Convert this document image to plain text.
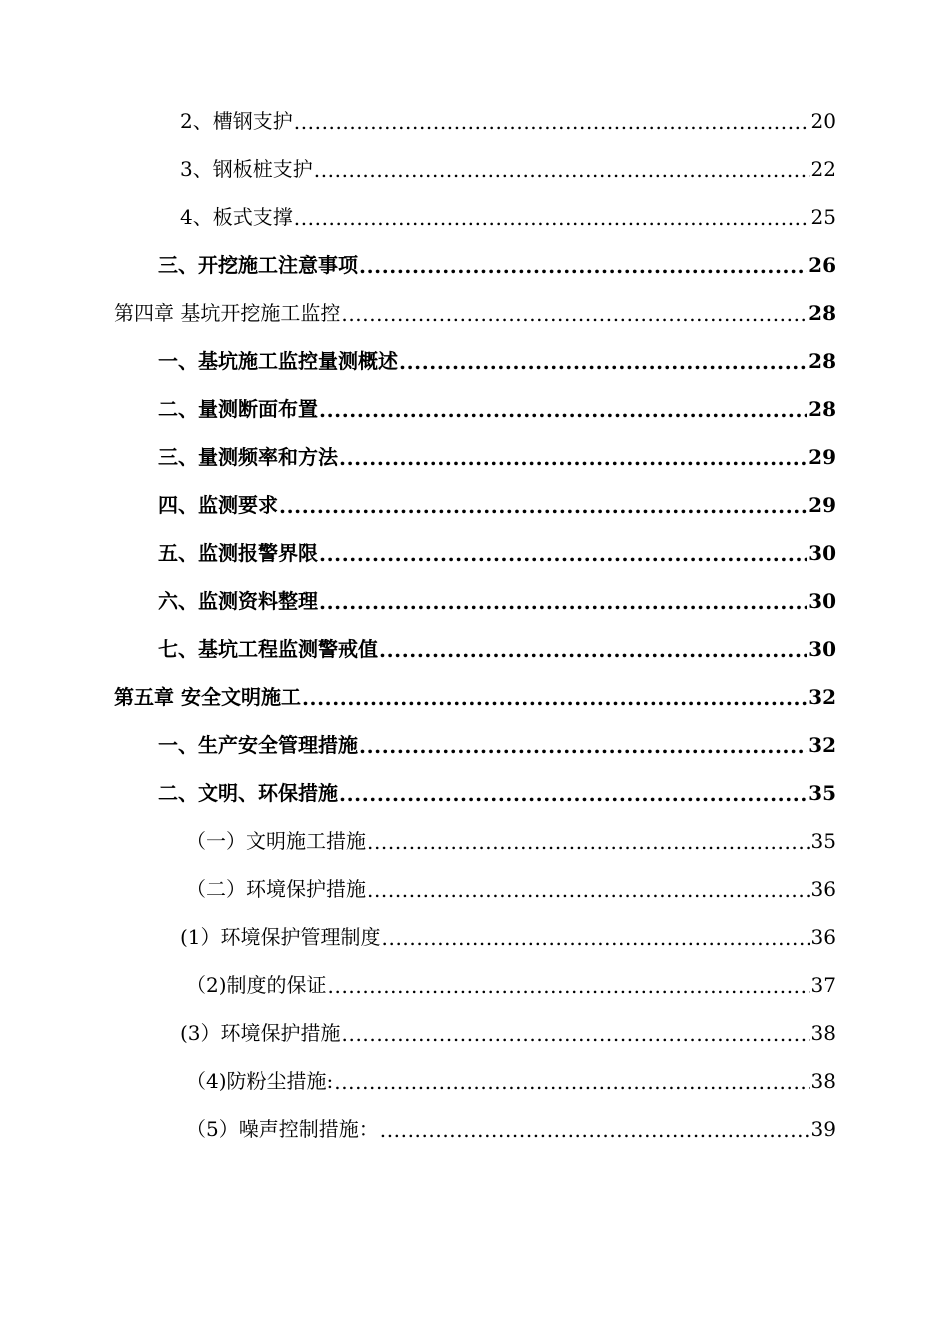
2、槽钢支护 .....	20
3、钢板桩支护 .....	22
4、板式支撑 .....	25
三、开挖施工注意事项 .....	26
第四章 基坑开挖施工监控 .....	28
一、基坑施工监控量测概述 .....	28
二、量测断面布置 .....	28
三、量测频率和方法 .....	29
四、监测要求 .....	29
五、监测报警界限 .....	30
六、监测资料整理 .....	30
七、基坑工程监测警戒值 .....	30
第五章 安全文明施工 .....	32
一、生产安全管理措施 .....	32
二、文明、环保措施 .....	35
（一）文明施工措施 .....	35
（二）环境保护措施 .....	36
(1）环境保护管理制度 .....	36
（2)制度的保证 .....	37
(3）环境保护措施 .....	38
（4)防粉尘措施: .....	38
（5）噪声控制措施： .....	39
